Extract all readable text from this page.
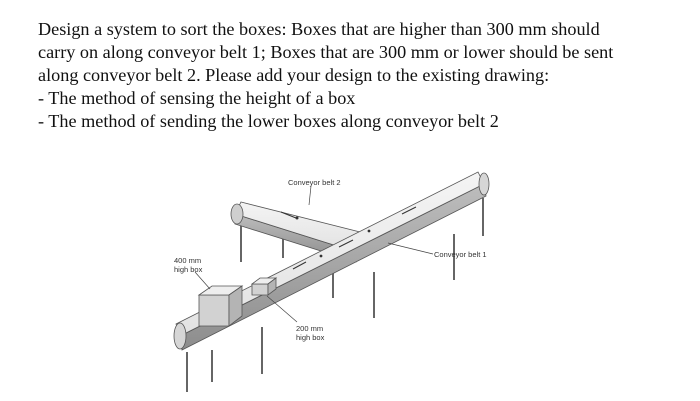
Design a system to sort the boxes: Boxes that are higher than 300 mm should
carry on along conveyor belt 1; Boxes that are 300 mm or lower should be sent
along conveyor belt 2. Please add your design to the existing drawing:
- The method of sensing the height of a box
- The method of sending the lower boxes along conveyor belt 2
Conveyor belt 2
Conveyor belt 1
400 mm
high box
200 mm
high box
